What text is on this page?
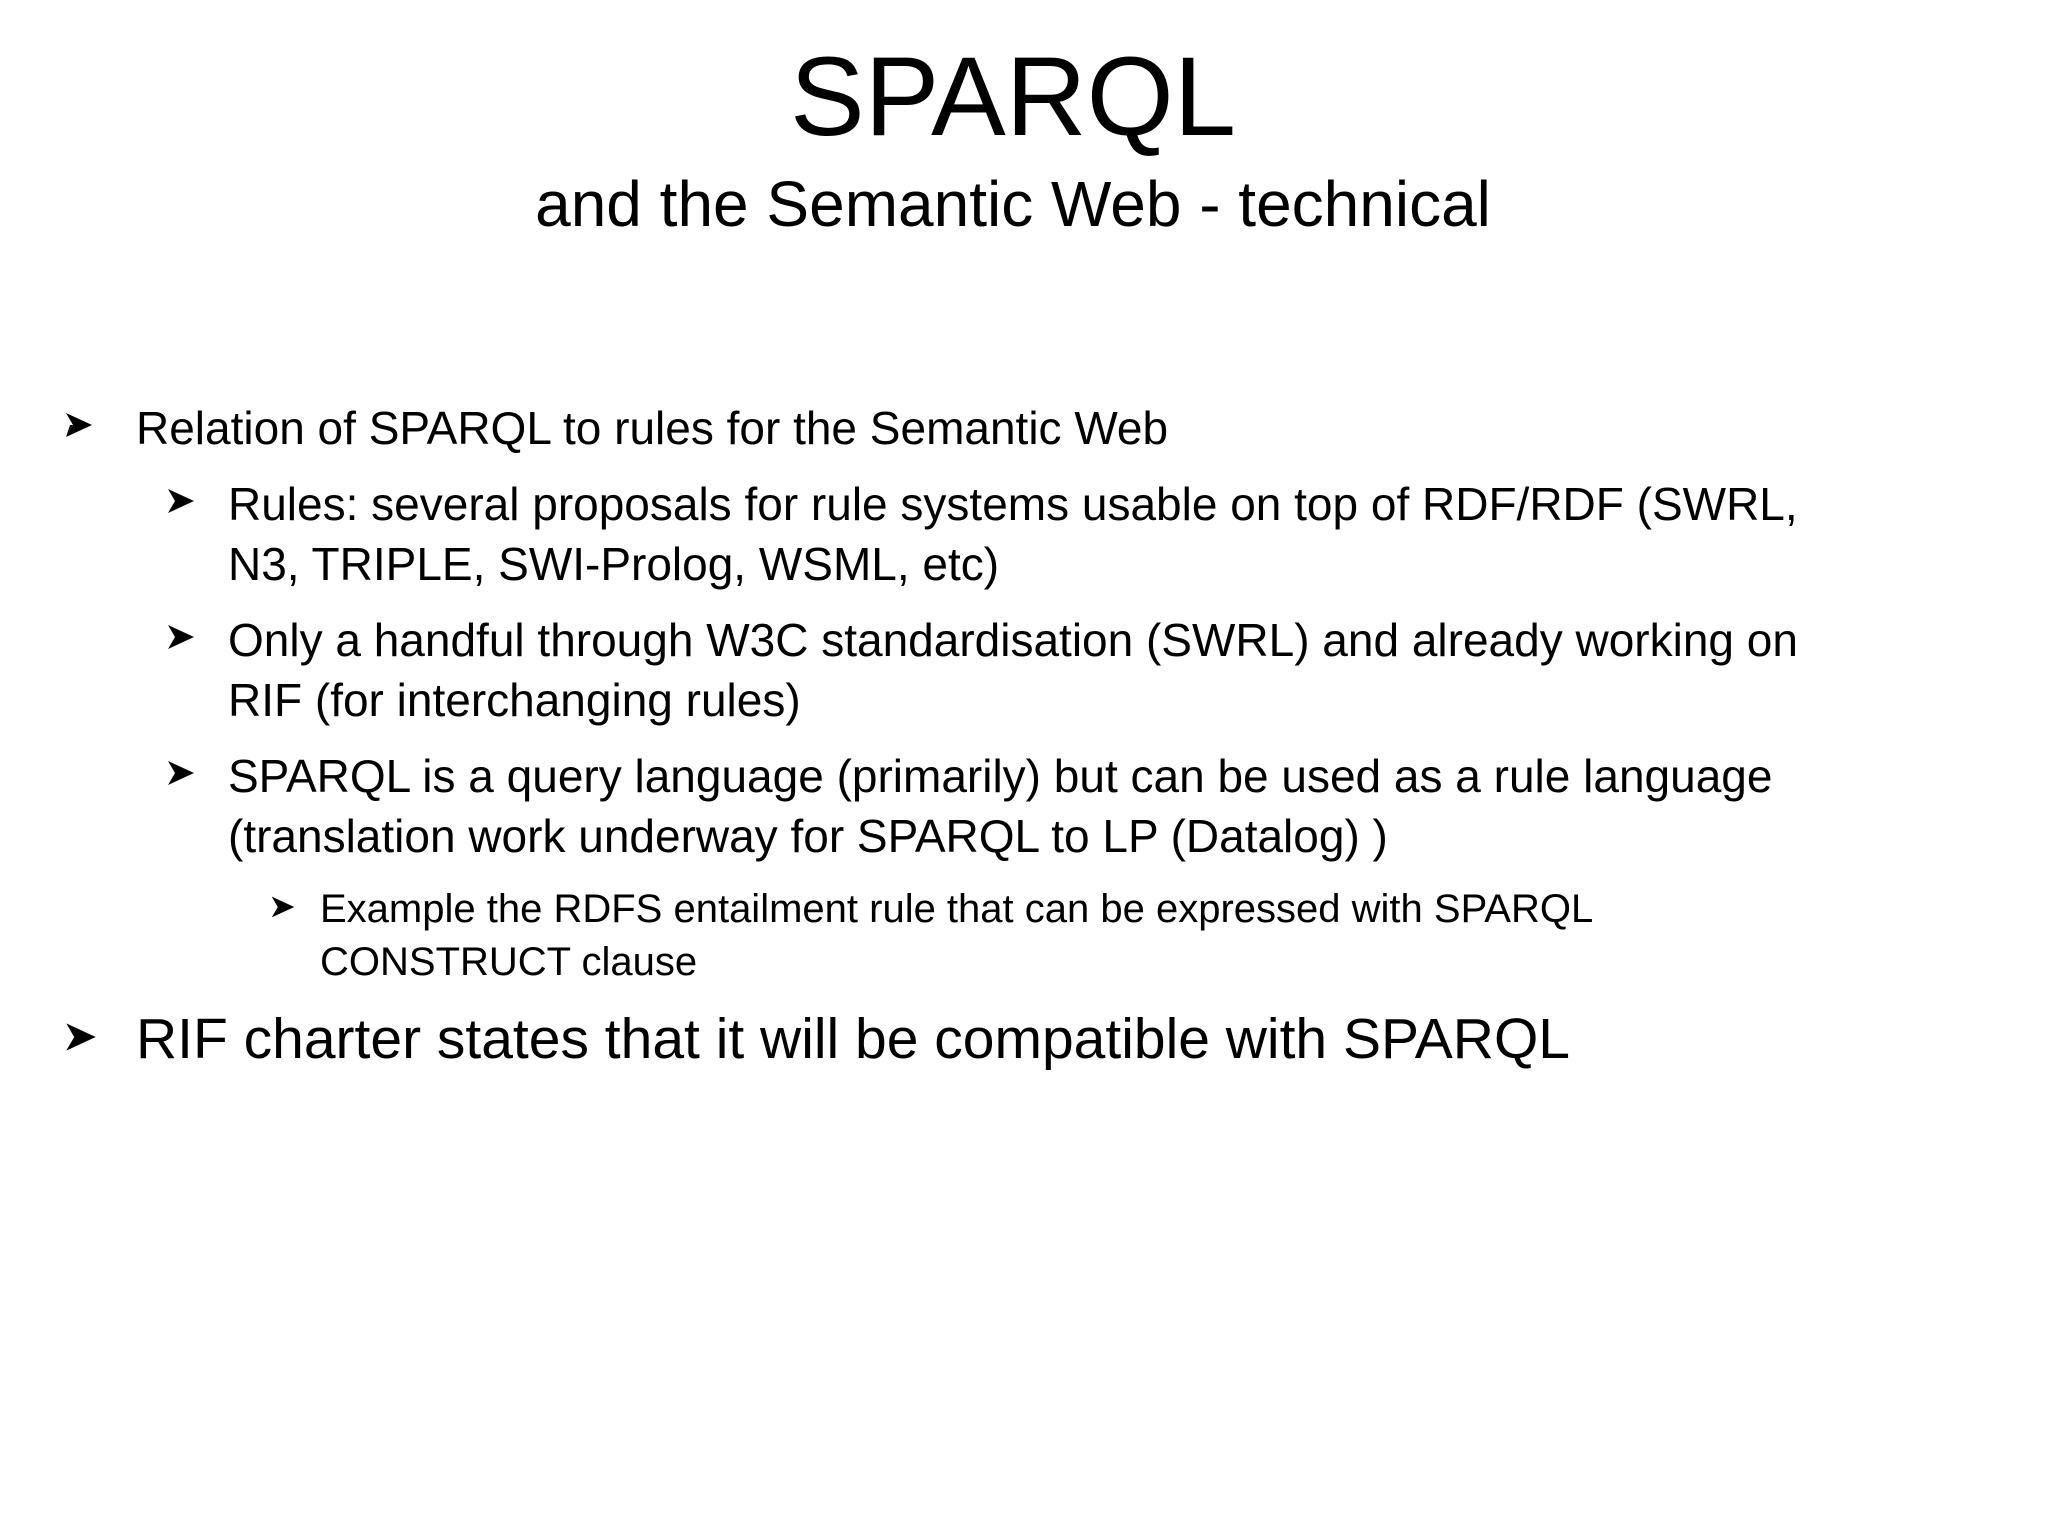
SPARQL
and the Semantic Web - technical
Relation of SPARQL to rules for the Semantic Web
Rules: several proposals for rule systems usable on top of RDF/RDF (SWRL,
N3, TRIPLE, SWI-Prolog, WSML, etc)
Only a handful through W3C standardisation (SWRL) and already working on
RIF (for interchanging rules)
SPARQL is a query language (primarily) but can be used as a rule language
(translation work underway for SPARQL to LP (Datalog) )
Example the RDFS entailment rule that can be expressed with SPARQL
CONSTRUCT clause
RIF charter states that it will be compatible with SPARQL
